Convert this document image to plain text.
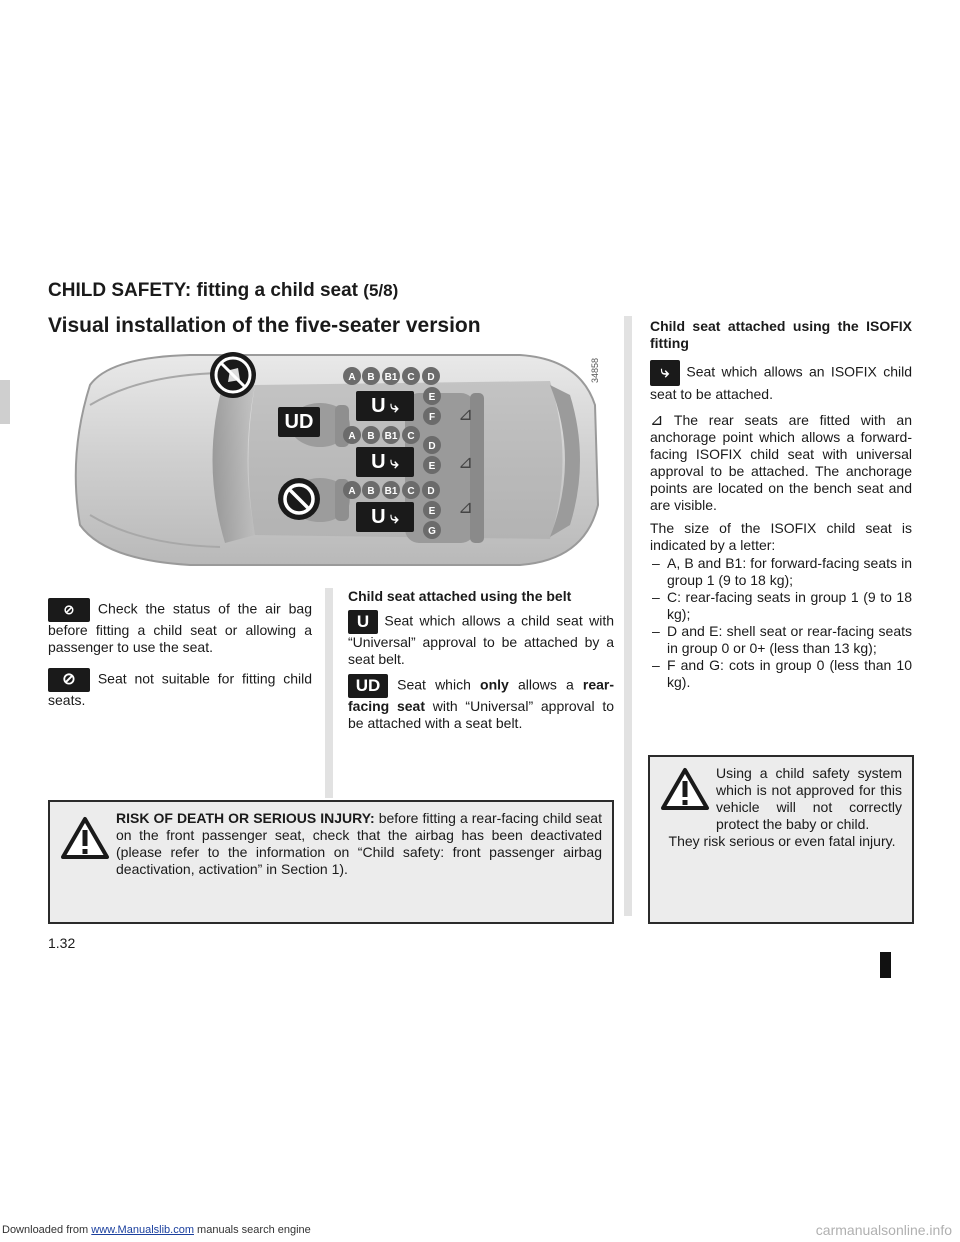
CHILD SAFETY: fitting a child seat (5/8)
Visual installation of the five-seater version
34858
UD
A B B1 C D
E
F
U ⤷	⊿
A B B1 C
D
E
U ⤷	⊿
A B B1 C D
E
G
U ⤷
⊿
⊘ Check the status of the air bag before fitting a child seat or allowing a passenger to use the seat.
⊘ Seat not suitable for fitting child seats.
Child seat attached using the belt
U Seat which allows a child seat with “Universal” approval to be attached by a seat belt.
UD Seat which only allows a rear-facing seat with “Universal” approval to be attached with a seat belt.
Child seat attached using the ISOFIX fitting
⤷ Seat which allows an ISOFIX child seat to be attached.
⊿ The rear seats are fitted with an anchorage point which allows a forward-facing ISOFIX child seat with universal approval to be attached. The anchorage points are located on the bench seat and are visible.
The size of the ISOFIX child seat is indicated by a letter:
– A, B and B1: for forward-facing seats in group 1 (9 to 18 kg);
– C: rear-facing seats in group 1 (9 to 18 kg);
– D and E: shell seat or rear-facing seats in group 0 or 0+ (less than 13 kg);
– F and G: cots in group 0 (less than 10 kg).
RISK OF DEATH OR SERIOUS INJURY: before fitting a rear-facing child seat on the front passenger seat, check that the airbag has been deactivated (please refer to the information on “Child safety: front passenger airbag deactivation, activation” in Section 1).
Using a child safety system which is not approved for this vehicle will not correctly protect the baby or child.
They risk serious or even fatal injury.
1.32
Downloaded from www.Manualslib.com manuals search engine	carmanualsonline.info
